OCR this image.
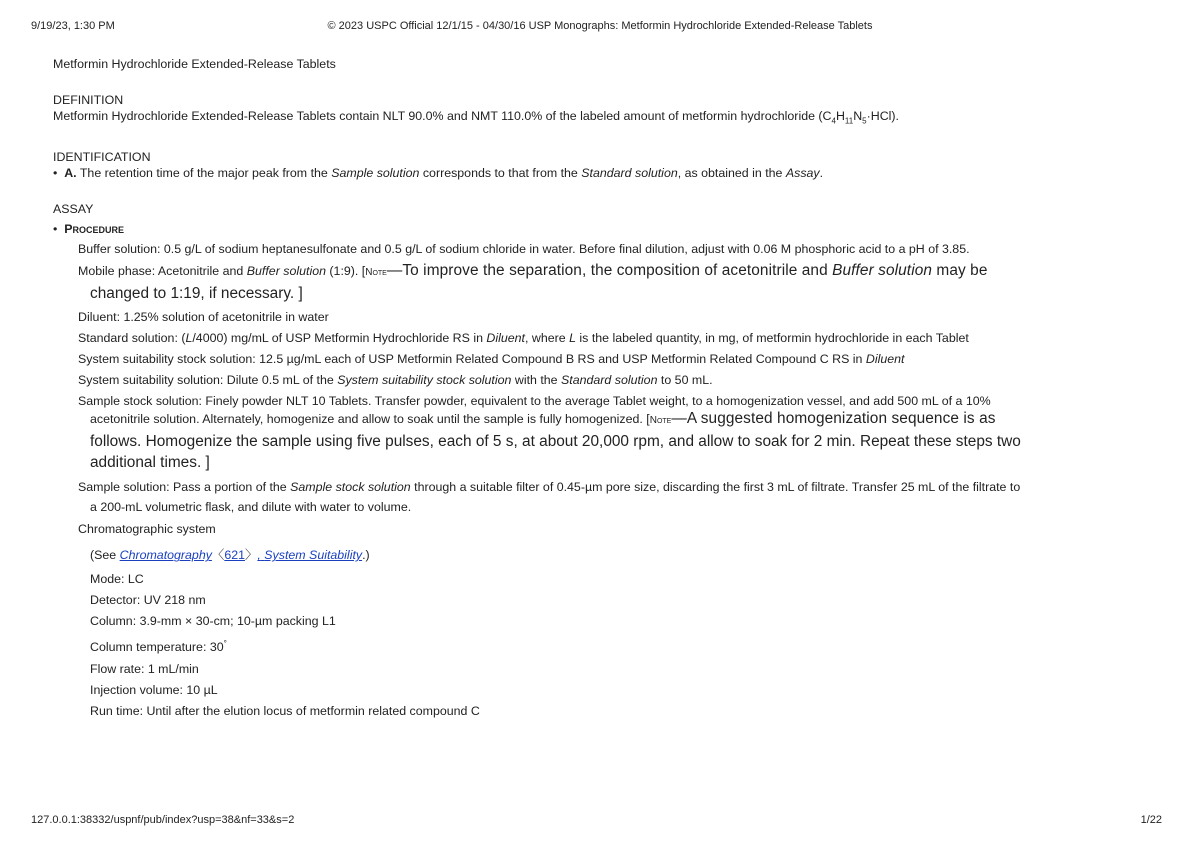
9/19/23, 1:30 PM	© 2023 USPC Official 12/1/15 - 04/30/16 USP Monographs: Metformin Hydrochloride Extended-Release Tablets
Metformin Hydrochloride Extended-Release Tablets
DEFINITION
Metformin Hydrochloride Extended-Release Tablets contain NLT 90.0% and NMT 110.0% of the labeled amount of metformin hydrochloride $(C_4H_{11}N_5\cdot HCl)$.
IDENTIFICATION
• A. The retention time of the major peak from the Sample solution corresponds to that from the Standard solution, as obtained in the Assay.
ASSAY
• Procedure
Buffer solution: 0.5 g/L of sodium heptanesulfonate and 0.5 g/L of sodium chloride in water. Before final dilution, adjust with 0.06 M phosphoric acid to a pH of 3.85.
Mobile phase: Acetonitrile and Buffer solution (1:9). [Note—To improve the separation, the composition of acetonitrile and Buffer solution may be
changed to 1:19, if necessary. ]
Diluent: 1.25% solution of acetonitrile in water
Standard solution: (L/4000) mg/mL of USP Metformin Hydrochloride RS in Diluent, where L is the labeled quantity, in mg, of metformin hydrochloride in each Tablet
System suitability stock solution: 12.5 µg/mL each of USP Metformin Related Compound B RS and USP Metformin Related Compound C RS in Diluent
System suitability solution: Dilute 0.5 mL of the System suitability stock solution with the Standard solution to 50 mL.
Sample stock solution: Finely powder NLT 10 Tablets. Transfer powder, equivalent to the average Tablet weight, to a homogenization vessel, and add 500 mL of a 10%
acetonitrile solution. Alternately, homogenize and allow to soak until the sample is fully homogenized. [Note—A suggested homogenization sequence is as
follows. Homogenize the sample using five pulses, each of 5 s, at about 20,000 rpm, and allow to soak for 2 min. Repeat these steps two
additional times. ]
Sample solution: Pass a portion of the Sample stock solution through a suitable filter of 0.45-µm pore size, discarding the first 3 mL of filtrate. Transfer 25 mL of the filtrate to
a 200-mL volumetric flask, and dilute with water to volume.
Chromatographic system
(See Chromatography〈621〉, System Suitability.)
Mode: LC
Detector: UV 218 nm
Column: 3.9-mm × 30-cm; 10-µm packing L1
Column temperature: 30°
Flow rate: 1 mL/min
Injection volume: 10 µL
Run time: Until after the elution locus of metformin related compound C
127.0.0.1:38332/uspnf/pub/index?usp=38&nf=33&s=2	1/22
